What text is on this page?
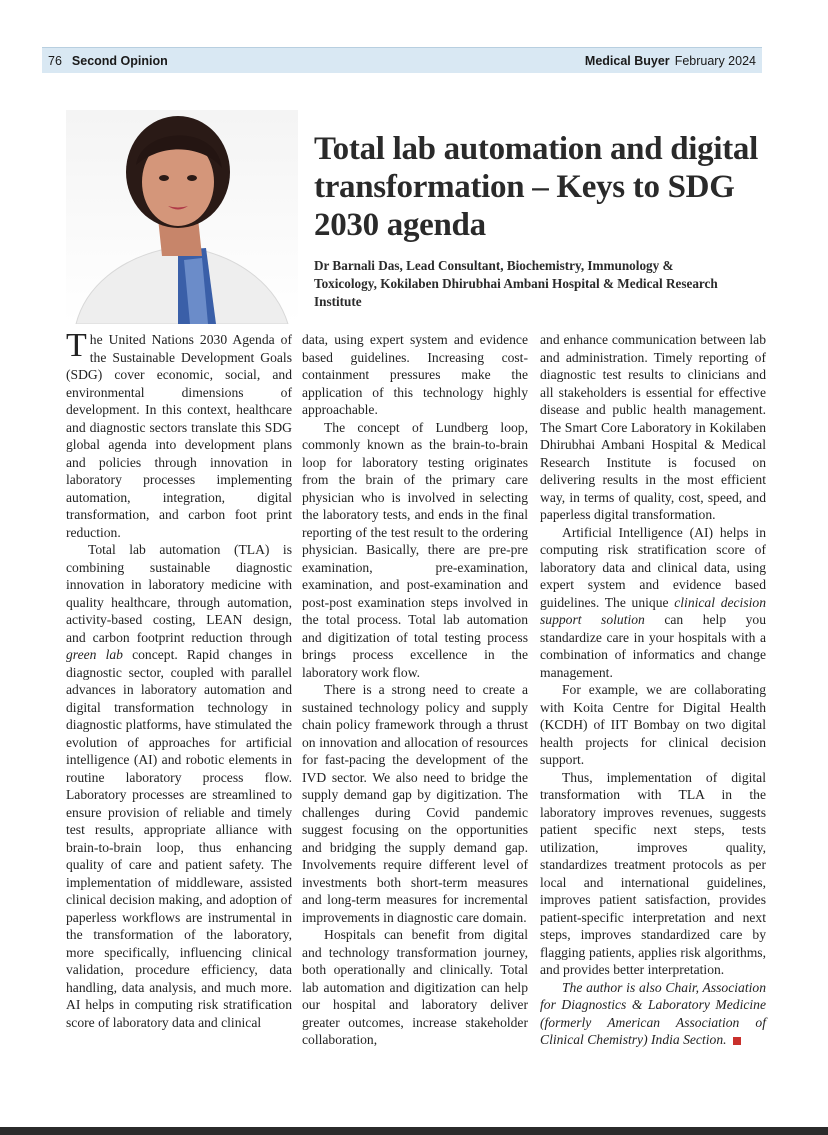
76 Second Opinion	Medical Buyer February 2024
Total lab automation and digital transformation – Keys to SDG 2030 agenda
Dr Barnali Das, Lead Consultant, Biochemistry, Immunology & Toxicology, Kokilaben Dhirubhai Ambani Hospital & Medical Research Institute

The United Nations 2030 Agenda of the Sustainable Development Goals (SDG) cover economic, social, and environmental dimensions of development. In this context, healthcare and diagnostic sectors translate this SDG global agenda into development plans and policies through innovation in laboratory processes implementing automation, integration, digital transformation, and carbon foot print reduction.

Total lab automation (TLA) is combining sustainable diagnostic innovation in laboratory medicine with quality healthcare, through automation, activity-based costing, LEAN design, and carbon footprint reduction through green lab concept. Rapid changes in diagnostic sector, coupled with parallel advances in laboratory automation and digital transformation technology in diagnostic platforms, have stimulated the evolution of approaches for artificial intelligence (AI) and robotic elements in routine laboratory process flow. Laboratory processes are streamlined to ensure provision of reliable and timely test results, appropriate alliance with brain-to-brain loop, thus enhancing quality of care and patient safety. The implementation of middleware, assisted clinical decision making, and adoption of paperless workflows are instrumental in the transformation of the laboratory, more specifically, influencing clinical validation, procedure efficiency, data handling, data analysis, and much more. AI helps in computing risk stratification score of laboratory data and clinical

data, using expert system and evidence based guidelines. Increasing cost-containment pressures make the application of this technology highly approachable.

The concept of Lundberg loop, commonly known as the brain-to-brain loop for laboratory testing originates from the brain of the primary care physician who is involved in selecting the laboratory tests, and ends in the final reporting of the test result to the ordering physician. Basically, there are pre-pre examination, pre-examination, examination, and post-examination and post-post examination steps involved in the total process. Total lab automation and digitization of total testing process brings process excellence in the laboratory work flow.

There is a strong need to create a sustained technology policy and supply chain policy framework through a thrust on innovation and allocation of resources for fast-pacing the development of the IVD sector. We also need to bridge the supply demand gap by digitization. The challenges during Covid pandemic suggest focusing on the opportunities and bridging the supply demand gap. Involvements require different level of investments both short-term measures and long-term measures for incremental improvements in diagnostic care domain.

Hospitals can benefit from digital and technology transformation journey, both operationally and clinically. Total lab automation and digitization can help our hospital and laboratory deliver greater outcomes, increase stakeholder collaboration,

and enhance communication between lab and administration. Timely reporting of diagnostic test results to clinicians and all stakeholders is essential for effective disease and public health management. The Smart Core Laboratory in Kokilaben Dhirubhai Ambani Hospital & Medical Research Institute is focused on delivering results in the most efficient way, in terms of quality, cost, speed, and paperless digital transformation.

Artificial Intelligence (AI) helps in computing risk stratification score of laboratory data and clinical data, using expert system and evidence based guidelines. The unique clinical decision support solution can help you standardize care in your hospitals with a combination of informatics and change management.

For example, we are collaborating with Koita Centre for Digital Health (KCDH) of IIT Bombay on two digital health projects for clinical decision support.

Thus, implementation of digital transformation with TLA in the laboratory improves revenues, suggests patient specific next steps, tests utilization, improves quality, standardizes treatment protocols as per local and international guidelines, improves patient satisfaction, provides patient-specific interpretation and next steps, improves standardized care by flagging patients, applies risk algorithms, and provides better interpretation.

The author is also Chair, Association for Diagnostics & Laboratory Medicine (formerly American Association of Clinical Chemistry) India Section.
